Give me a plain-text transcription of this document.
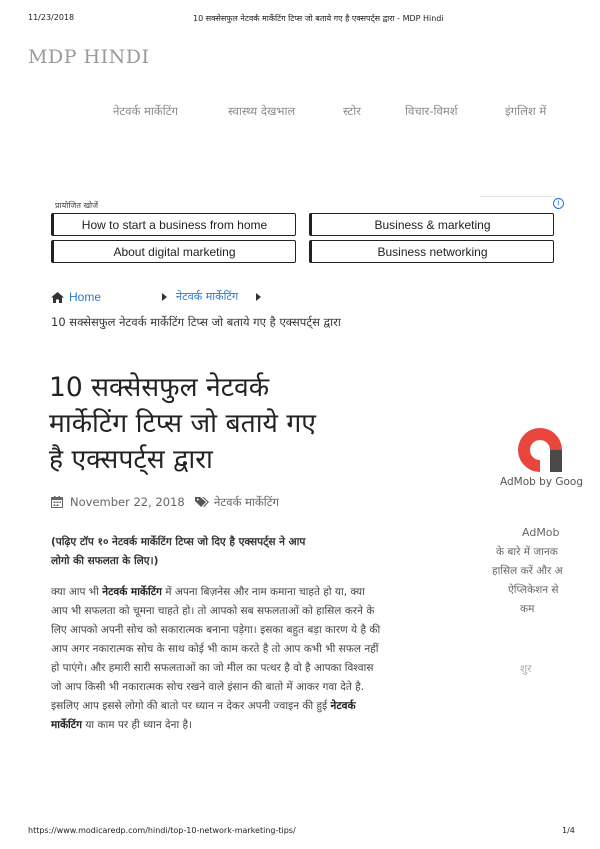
11/23/2018	10 सक्सेसफुल नेटवर्क मार्केटिंग टिप्स जो बताये गए है एक्सपर्ट्स द्वारा - MDP Hindi
MDP HINDI
नेटवर्क मार्केटिंग	स्वास्थ्य देखभाल	स्टोर	विचार-विमर्श	इंगलिश में
प्रायोजित खोजें	i
How to start a business from home	Business & marketing
About digital marketing	Business networking
Home	नेटवर्क मार्केटिंग
10 सक्सेसफुल नेटवर्क मार्केटिंग टिप्स जो बताये गए है एक्सपर्ट्स द्वारा
10 सक्सेसफुल नेटवर्क
मार्केटिंग टिप्स जो बताये गए
है एक्सपर्ट्स द्वारा
November 22, 2018	नेटवर्क मार्केटिंग
(पढ़िए टॉप १० नेटवर्क मार्केटिंग टिप्स जो दिए है एक्सपर्ट्स ने आप
लोगो की सफलता के लिए।)
क्या आप भी नेटवर्क मार्केटिंग में अपना बिज़नेस और नाम कमाना चाहते हो या, क्या आप भी सफलता को चूमना चाहते हो। तो आपको सब सफलताओं को हासिल करने के लिए आपको अपनी सोच को सकारात्मक बनाना पड़ेगा। इसका बहुत बड़ा कारण ये है की आप अगर नकारात्मक सोच के साथ कोई भी काम करते है तो आप कभी भी सफल नहीं हो पाएंगे। और हमारी सारी सफलताओं का जो मील का पत्थर है वो है आपका विश्वास जो आप किसी भी नकारात्मक सोच रखने वाले इंसान की बातो में आकर गवा देते है. इसलिए आप इससे लोगो की बातो पर ध्यान न देकर अपनी ज्वाइन की हुई नेटवर्क मार्केटिंग या काम पर ही ध्यान देना है।
AdMob by Goog
AdMob
के बारे में जानक
हासिल करें और अ
ऐप्लिकेशन से
कम
शुर
https://www.modicaredp.com/hindi/top-10-network-marketing-tips/	1/4
